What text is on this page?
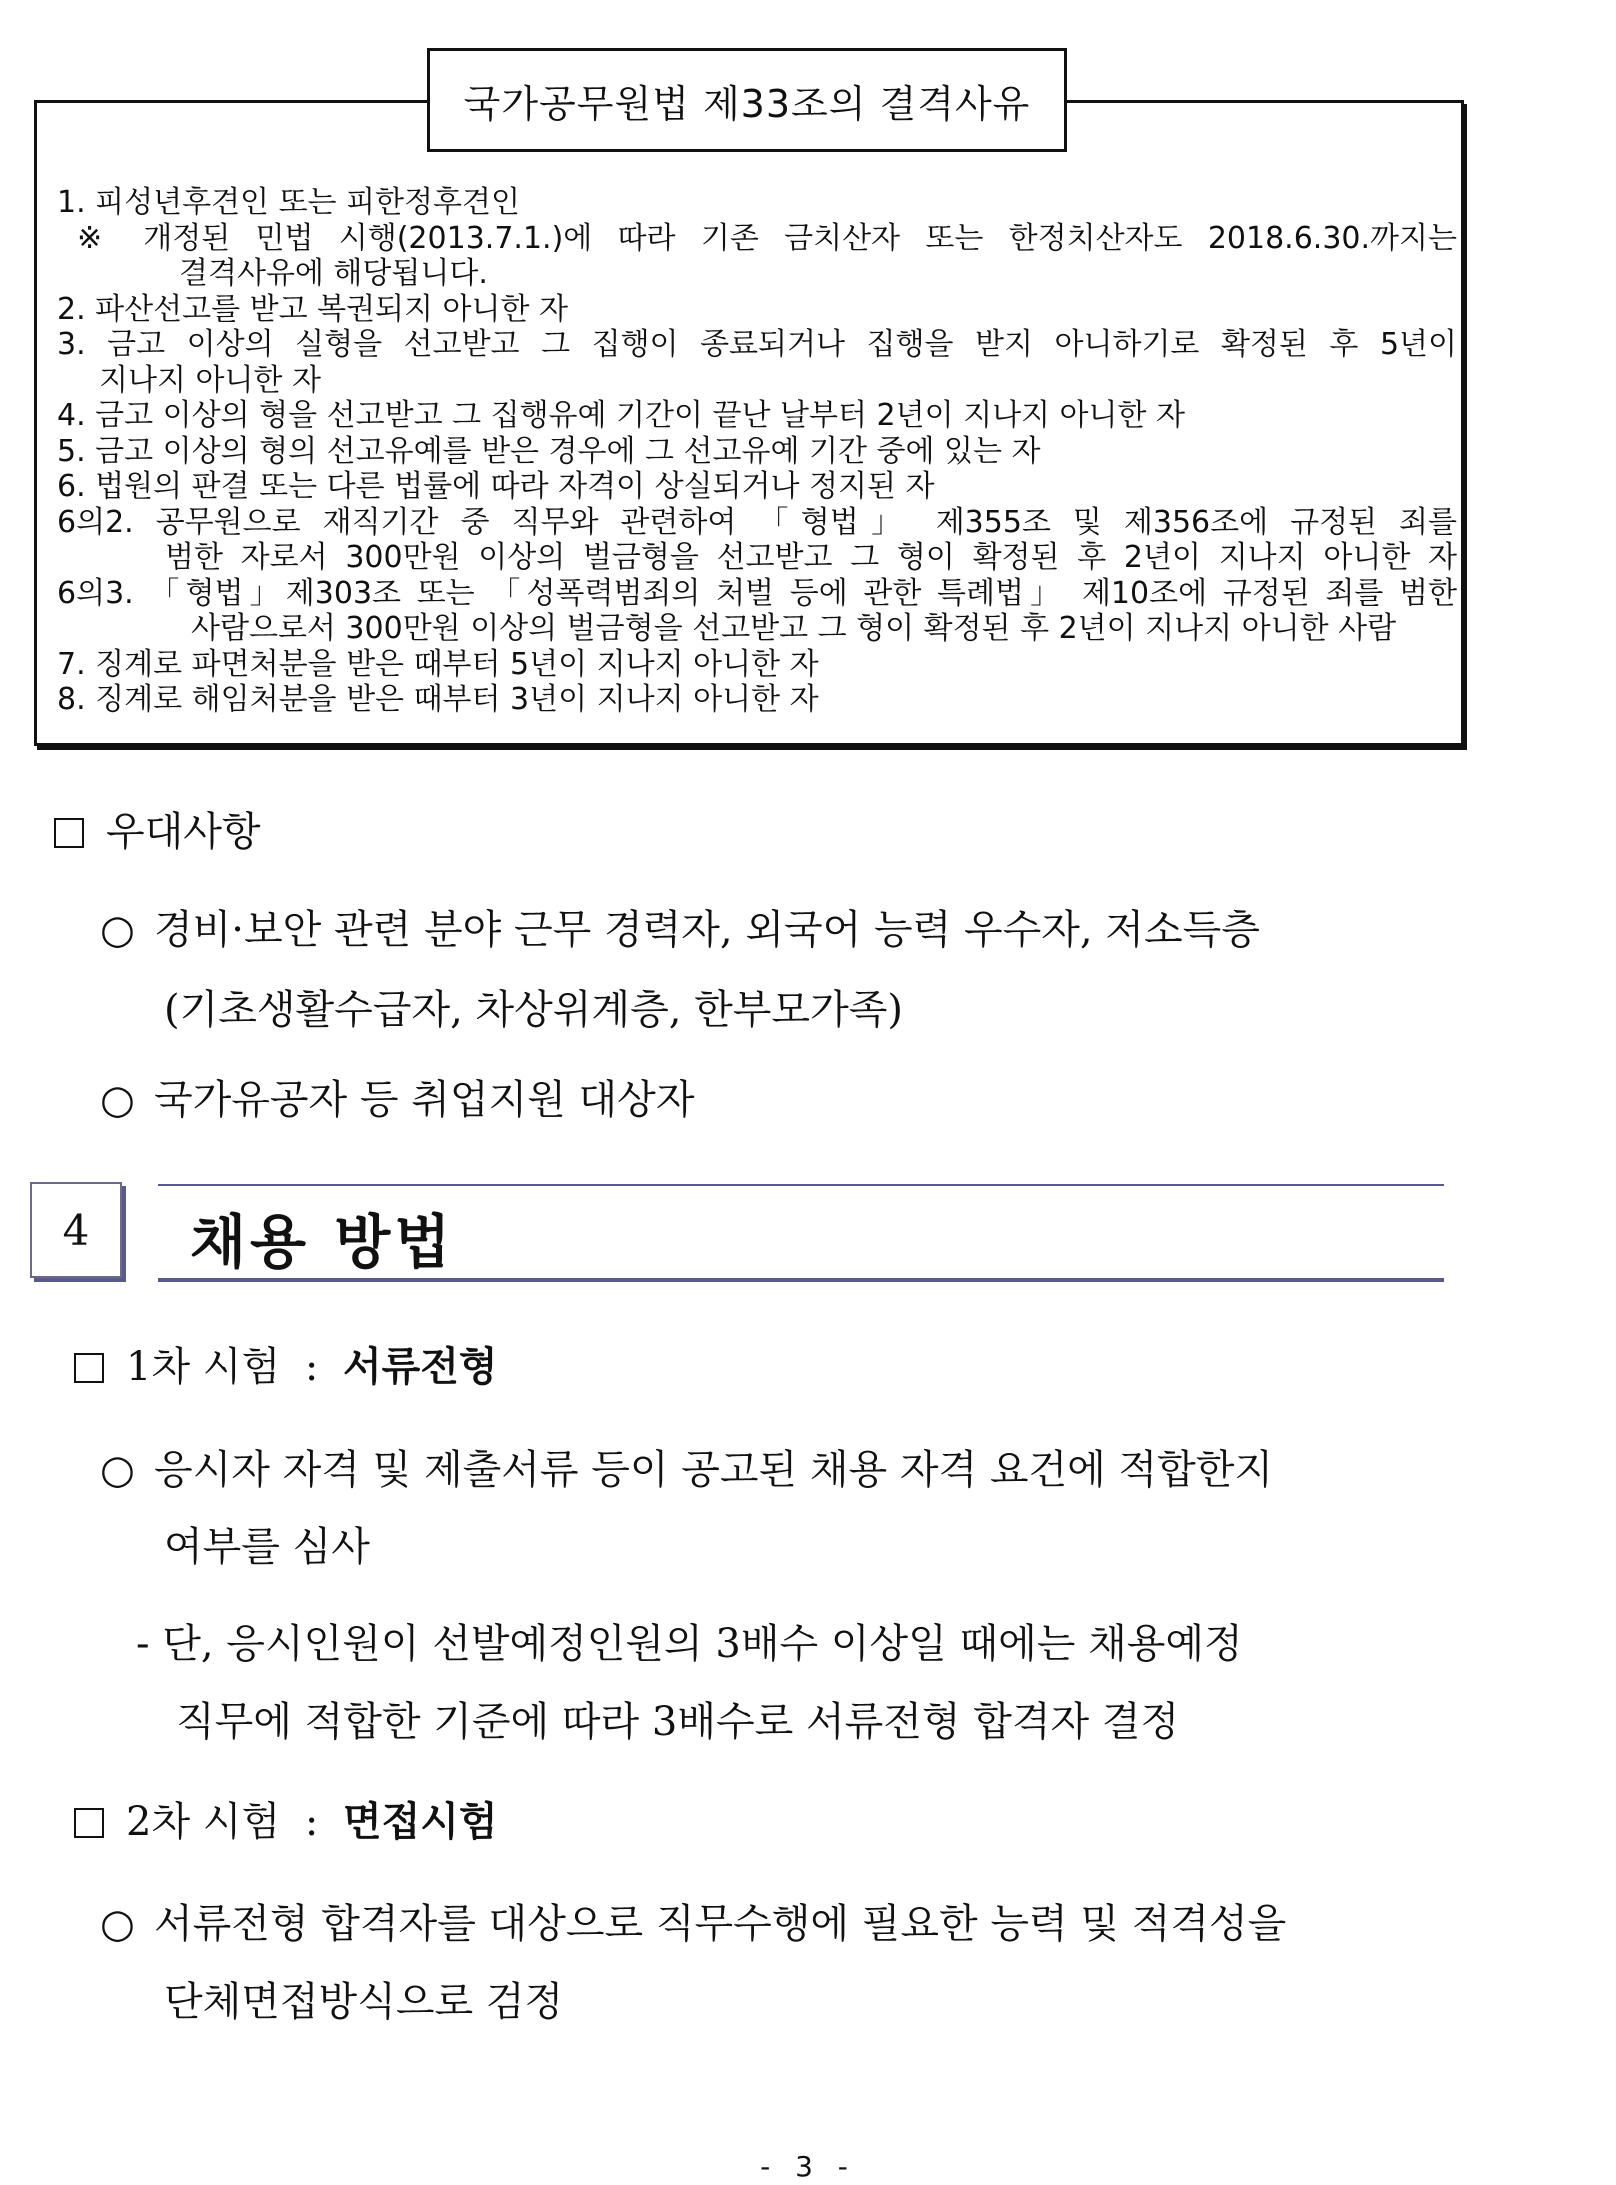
1. 피성년후견인 또는 피한정후견인
※ 개정된 민법 시행(2013.7.1.)에 따라 기존 금치산자 또는 한정치산자도 2018.6.30.까지는
결격사유에 해당됩니다.
2. 파산선고를 받고 복권되지 아니한 자
3. 금고 이상의 실형을 선고받고 그 집행이 종료되거나 집행을 받지 아니하기로 확정된 후 5년이
지나지 아니한 자
4. 금고 이상의 형을 선고받고 그 집행유예 기간이 끝난 날부터 2년이 지나지 아니한 자
5. 금고 이상의 형의 선고유예를 받은 경우에 그 선고유예 기간 중에 있는 자
6. 법원의 판결 또는 다른 법률에 따라 자격이 상실되거나 정지된 자
6의2. 공무원으로 재직기간 중 직무와 관련하여 「형법」 제355조 및 제356조에 규정된 죄를
범한 자로서 300만원 이상의 벌금형을 선고받고 그 형이 확정된 후 2년이 지나지 아니한 자
6의3. 「형법」제303조 또는 「성폭력범죄의 처벌 등에 관한 특례법」 제10조에 규정된 죄를 범한
사람으로서 300만원 이상의 벌금형을 선고받고 그 형이 확정된 후 2년이 지나지 아니한 사람
7. 징계로 파면처분을 받은 때부터 5년이 지나지 아니한 자
8. 징계로 해임처분을 받은 때부터 3년이 지나지 아니한 자
국가공무원법 제33조의 결격사유
우대사항
○ 경비·보안 관련 분야 근무 경력자, 외국어 능력 우수자, 저소득층
(기초생활수급자, 차상위계층, 한부모가족)
○ 국가유공자 등 취업지원 대상자
4	채용 방법
1차 시험 : 서류전형
○ 응시자 자격 및 제출서류 등이 공고된 채용 자격 요건에 적합한지
여부를 심사
- 단, 응시인원이 선발예정인원의 3배수 이상일 때에는 채용예정
직무에 적합한 기준에 따라 3배수로 서류전형 합격자 결정
2차 시험 : 면접시험
○ 서류전형 합격자를 대상으로 직무수행에 필요한 능력 및 적격성을
단체면접방식으로 검정
- 3 -
